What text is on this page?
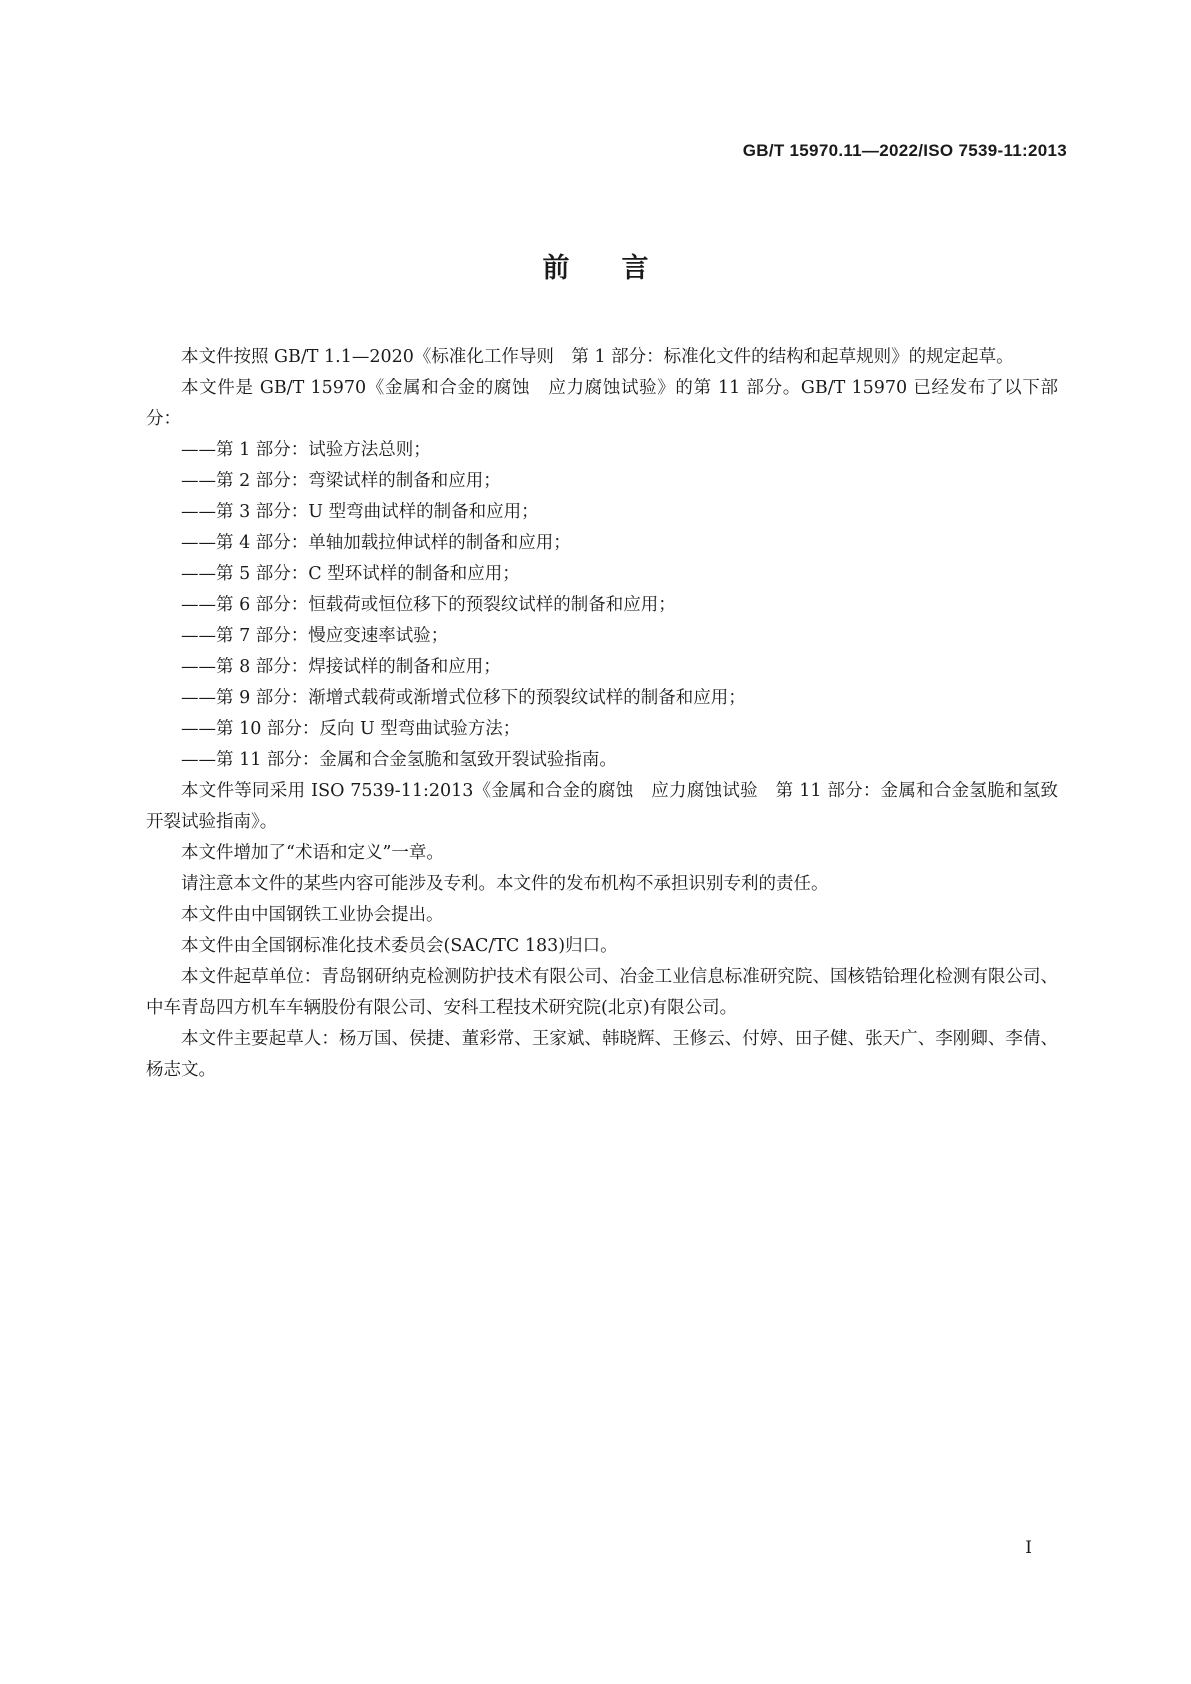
GB/T 15970.11—2022/ISO 7539-11:2013
前言

本文件按照 GB/T 1.1—2020《标准化工作导则　第 1 部分：标准化文件的结构和起草规则》的规定起草。

本文件是 GB/T 15970《金属和合金的腐蚀　应力腐蚀试验》的第 11 部分。GB/T 15970 已经发布了以下部分：

——第 1 部分：试验方法总则；

——第 2 部分：弯梁试样的制备和应用；

——第 3 部分：U 型弯曲试样的制备和应用；

——第 4 部分：单轴加载拉伸试样的制备和应用；

——第 5 部分：C 型环试样的制备和应用；

——第 6 部分：恒载荷或恒位移下的预裂纹试样的制备和应用；

——第 7 部分：慢应变速率试验；

——第 8 部分：焊接试样的制备和应用；

——第 9 部分：渐增式载荷或渐增式位移下的预裂纹试样的制备和应用；

——第 10 部分：反向 U 型弯曲试验方法；

——第 11 部分：金属和合金氢脆和氢致开裂试验指南。

本文件等同采用 ISO 7539-11:2013《金属和合金的腐蚀　应力腐蚀试验　第 11 部分：金属和合金氢脆和氢致开裂试验指南》。

本文件增加了“术语和定义”一章。

请注意本文件的某些内容可能涉及专利。本文件的发布机构不承担识别专利的责任。

本文件由中国钢铁工业协会提出。

本文件由全国钢标准化技术委员会(SAC/TC 183)归口。

本文件起草单位：青岛钢研纳克检测防护技术有限公司、冶金工业信息标准研究院、国核锆铪理化检测有限公司、中车青岛四方机车车辆股份有限公司、安科工程技术研究院(北京)有限公司。

本文件主要起草人：杨万国、侯捷、董彩常、王家斌、韩晓辉、王修云、付婷、田子健、张天广、李刚卿、李倩、杨志文。

I
